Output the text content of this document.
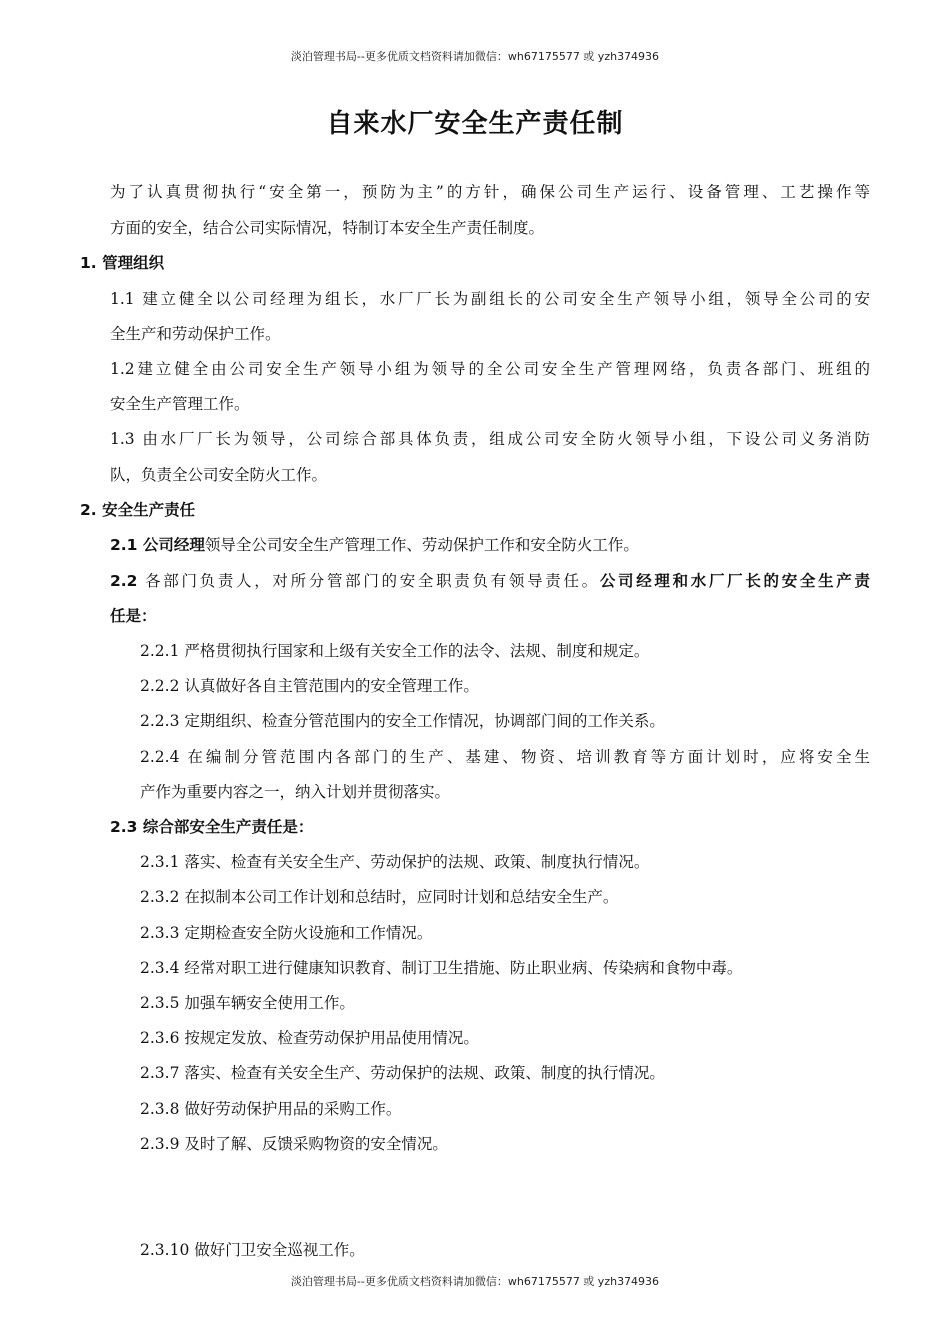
淡泊管理书局--更多优质文档资料请加微信：wh67175577 或 yzh374936
自来水厂安全生产责任制
为了认真贯彻执行“安全第一，预防为主”的方针，确保公司生产运行、设备管理、工艺操作等
方面的安全，结合公司实际情况，特制订本安全生产责任制度。
1. 管理组织
1.1 建立健全以公司经理为组长，水厂厂长为副组长的公司安全生产领导小组，领导全公司的安
全生产和劳动保护工作。
1.2建立健全由公司安全生产领导小组为领导的全公司安全生产管理网络，负责各部门、班组的
安全生产管理工作。
1.3 由水厂厂长为领导，公司综合部具体负责，组成公司安全防火领导小组，下设公司义务消防
队，负责全公司安全防火工作。
2. 安全生产责任
2.1 公司经理领导全公司安全生产管理工作、劳动保护工作和安全防火工作。
2.2 各部门负责人，对所分管部门的安全职责负有领导责任。公司经理和水厂厂长的安全生产责
任是：
2.2.1 严格贯彻执行国家和上级有关安全工作的法令、法规、制度和规定。
2.2.2 认真做好各自主管范围内的安全管理工作。
2.2.3 定期组织、检查分管范围内的安全工作情况，协调部门间的工作关系。
2.2.4 在编制分管范围内各部门的生产、基建、物资、培训教育等方面计划时，应将安全生
产作为重要内容之一，纳入计划并贯彻落实。
2.3 综合部安全生产责任是：
2.3.1 落实、检查有关安全生产、劳动保护的法规、政策、制度执行情况。
2.3.2 在拟制本公司工作计划和总结时，应同时计划和总结安全生产。
2.3.3 定期检查安全防火设施和工作情况。
2.3.4 经常对职工进行健康知识教育、制订卫生措施、防止职业病、传染病和食物中毒。
2.3.5 加强车辆安全使用工作。
2.3.6 按规定发放、检查劳动保护用品使用情况。
2.3.7 落实、检查有关安全生产、劳动保护的法规、政策、制度的执行情况。
2.3.8 做好劳动保护用品的采购工作。
2.3.9 及时了解、反馈采购物资的安全情况。
2.3.10 做好门卫安全巡视工作。
淡泊管理书局--更多优质文档资料请加微信：wh67175577 或 yzh374936
